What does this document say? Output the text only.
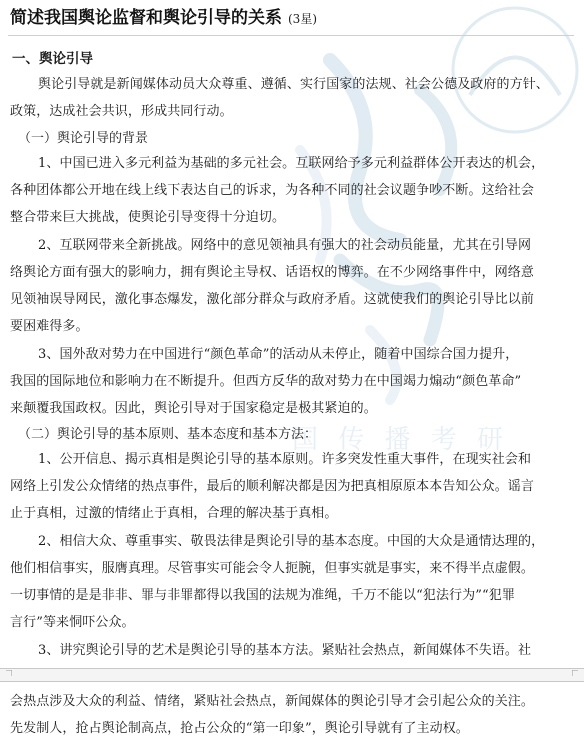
国 传 播 考 研
简述我国舆论监督和舆论引导的关系 (3星)
一、舆论引导
舆论引导就是新闻媒体动员大众尊重、遵循、实行国家的法规、社会公德及政府的方针、
政策，达成社会共识，形成共同行动。
（一）舆论引导的背景
1、中国已进入多元利益为基础的多元社会。互联网给予多元利益群体公开表达的机会，
各种团体都公开地在线上线下表达自己的诉求，为各种不同的社会议题争吵不断。这给社会
整合带来巨大挑战，使舆论引导变得十分迫切。
2、互联网带来全新挑战。网络中的意见领袖具有强大的社会动员能量，尤其在引导网
络舆论方面有强大的影响力，拥有舆论主导权、话语权的博弈。在不少网络事件中，网络意
见领袖误导网民，激化事态爆发，激化部分群众与政府矛盾。这就使我们的舆论引导比以前
要困难得多。
3、国外敌对势力在中国进行“颜色革命”的活动从未停止，随着中国综合国力提升，
我国的国际地位和影响力在不断提升。但西方反华的敌对势力在中国竭力煽动“颜色革命”
来颠覆我国政权。因此，舆论引导对于国家稳定是极其紧迫的。
（二）舆论引导的基本原则、基本态度和基本方法：
1、公开信息、揭示真相是舆论引导的基本原则。许多突发性重大事件，在现实社会和
网络上引发公众情绪的热点事件，最后的顺利解决都是因为把真相原原本本告知公众。谣言
止于真相，过激的情绪止于真相，合理的解决基于真相。
2、相信大众、尊重事实、敬畏法律是舆论引导的基本态度。中国的大众是通情达理的，
他们相信事实，服膺真理。尽管事实可能会令人扼腕，但事实就是事实，来不得半点虚假。
一切事情的是是非非、罪与非罪都得以我国的法规为准绳，千万不能以“犯法行为”“犯罪
言行”等来恫吓公众。
3、讲究舆论引导的艺术是舆论引导的基本方法。紧贴社会热点，新闻媒体不失语。社
会热点涉及大众的利益、情绪，紧贴社会热点，新闻媒体的舆论引导才会引起公众的关注。
先发制人，抢占舆论制高点，抢占公众的“第一印象”，舆论引导就有了主动权。
